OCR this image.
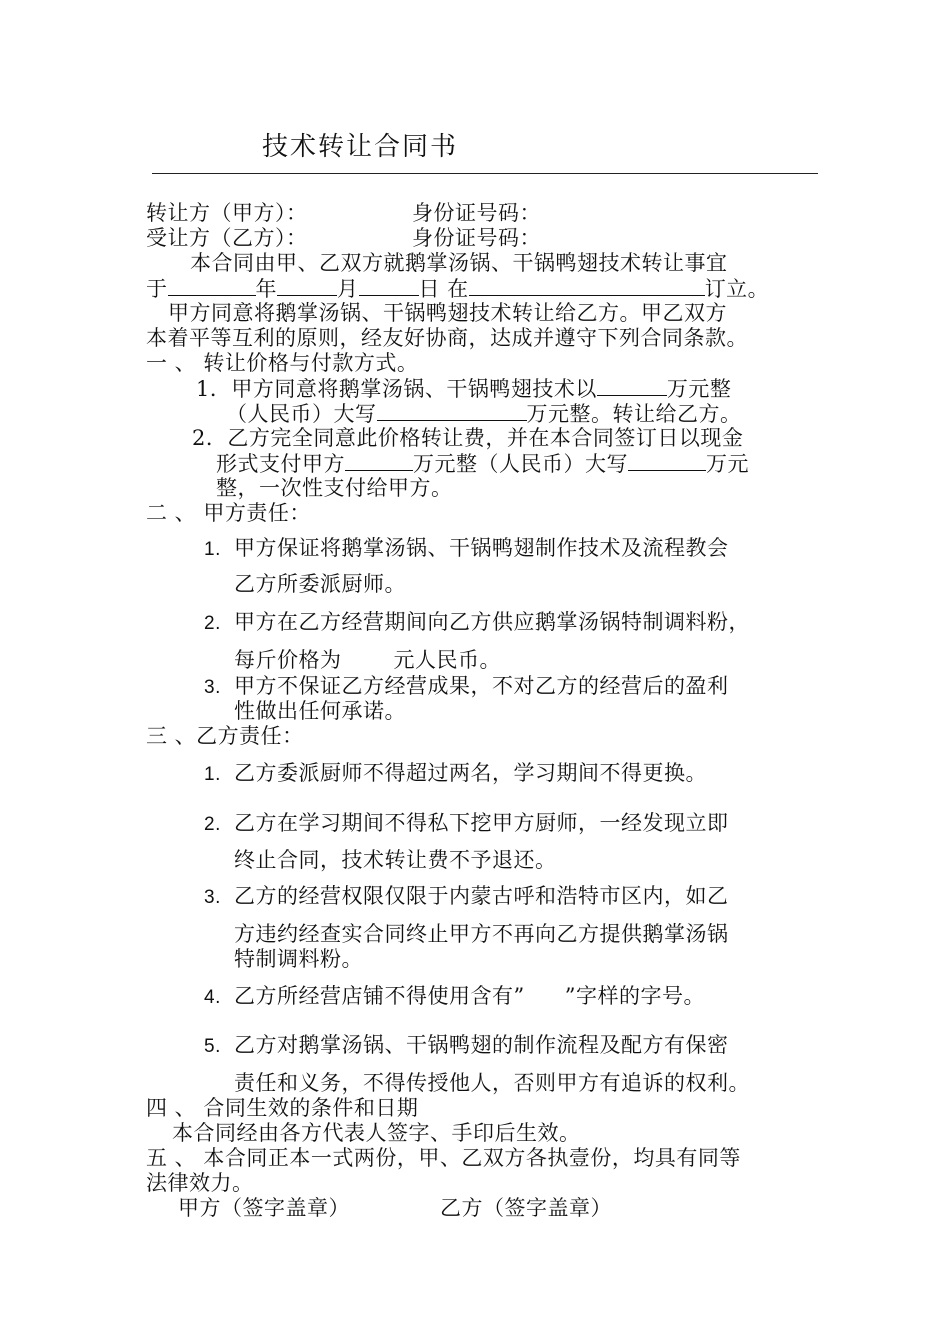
技术转让合同书
转让方（甲方）：	身份证号码：
受让方（乙方）：	身份证号码：
本合同由甲、乙双方就鹅掌汤锅、干锅鸭翅技术转让事宜
于	年	月	日 在	订立。
甲方同意将鹅掌汤锅、干锅鸭翅技术转让给乙方。甲乙双方
本着平等互利的原则，经友好协商，达成并遵守下列合同条款。
一 、 转让价格与付款方式。
1．甲方同意将鹅掌汤锅、干锅鸭翅技术以	万元整
（人民币）大写	万元整。转让给乙方。
2．乙方完全同意此价格转让费，并在本合同签订日以现金
形式支付甲方	万元整（人民币）大写	万元
整，一次性支付给甲方。
二 、 甲方责任：
1. 甲方保证将鹅掌汤锅、干锅鸭翅制作技术及流程教会
乙方所委派厨师。
2. 甲方在乙方经营期间向乙方供应鹅掌汤锅特制调料粉，
每斤价格为 元人民币。
3. 甲方不保证乙方经营成果，不对乙方的经营后的盈利
性做出任何承诺。
三 、乙方责任：
1. 乙方委派厨师不得超过两名，学习期间不得更换。
2. 乙方在学习期间不得私下挖甲方厨师，一经发现立即
终止合同，技术转让费不予退还。
3. 乙方的经营权限仅限于内蒙古呼和浩特市区内，如乙
方违约经查实合同终止甲方不再向乙方提供鹅掌汤锅
特制调料粉。
4. 乙方所经营店铺不得使用含有” ”字样的字号。
5. 乙方对鹅掌汤锅、干锅鸭翅的制作流程及配方有保密
责任和义务，不得传授他人，否则甲方有追诉的权利。
四 、 合同生效的条件和日期
本合同经由各方代表人签字、手印后生效。
五 、 本合同正本一式两份，甲、乙双方各执壹份，均具有同等
法律效力。
甲方（签字盖章）	乙方（签字盖章）
